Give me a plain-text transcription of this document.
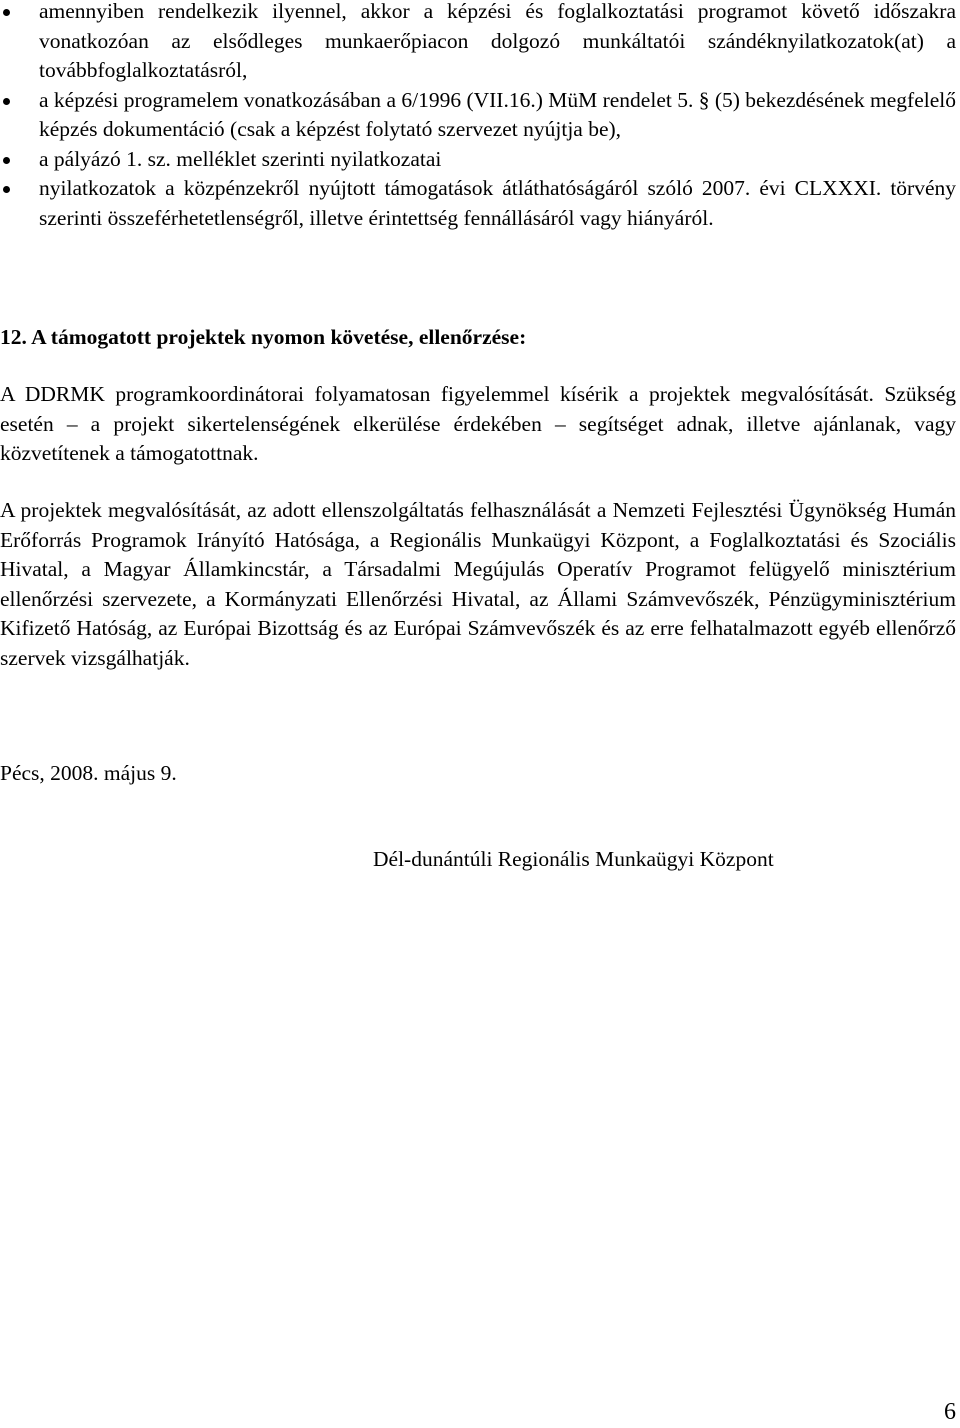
amennyiben rendelkezik ilyennel, akkor a képzési és foglalkoztatási programot követő időszakra vonatkozóan az elsődleges munkaerőpiacon dolgozó munkáltatói szándéknyilatkozatok(at) a továbbfoglalkoztatásról,
a képzési programelem vonatkozásában a 6/1996 (VII.16.) MüM rendelet 5. § (5) bekezdésének megfelelő képzés dokumentáció (csak a képzést folytató szervezet nyújtja be),
a pályázó 1. sz. melléklet szerinti nyilatkozatai
nyilatkozatok a közpénzekről nyújtott támogatások átláthatóságáról szóló 2007. évi CLXXXI. törvény szerinti összeférhetetlenségről, illetve érintettség fennállásáról vagy hiányáról.
12. A támogatott projektek nyomon követése, ellenőrzése:

A DDRMK programkoordinátorai folyamatosan figyelemmel kísérik a projektek megvalósítását. Szükség esetén – a projekt sikertelenségének elkerülése érdekében – segítséget adnak, illetve ajánlanak, vagy közvetítenek a támogatottnak.

A projektek megvalósítását, az adott ellenszolgáltatás felhasználását a Nemzeti Fejlesztési Ügynökség Humán Erőforrás Programok Irányító Hatósága, a Regionális Munkaügyi Központ, a Foglalkoztatási és Szociális Hivatal, a Magyar Államkincstár, a Társadalmi Megújulás Operatív Programot felügyelő minisztérium ellenőrzési szervezete, a Kormányzati Ellenőrzési Hivatal, az Állami Számvevőszék, Pénzügyminisztérium Kifizető Hatóság, az Európai Bizottság és az Európai Számvevőszék és az erre felhatalmazott egyéb ellenőrző szervek vizsgálhatják.

Pécs, 2008. május 9.
Dél-dunántúli Regionális Munkaügyi Központ
6
